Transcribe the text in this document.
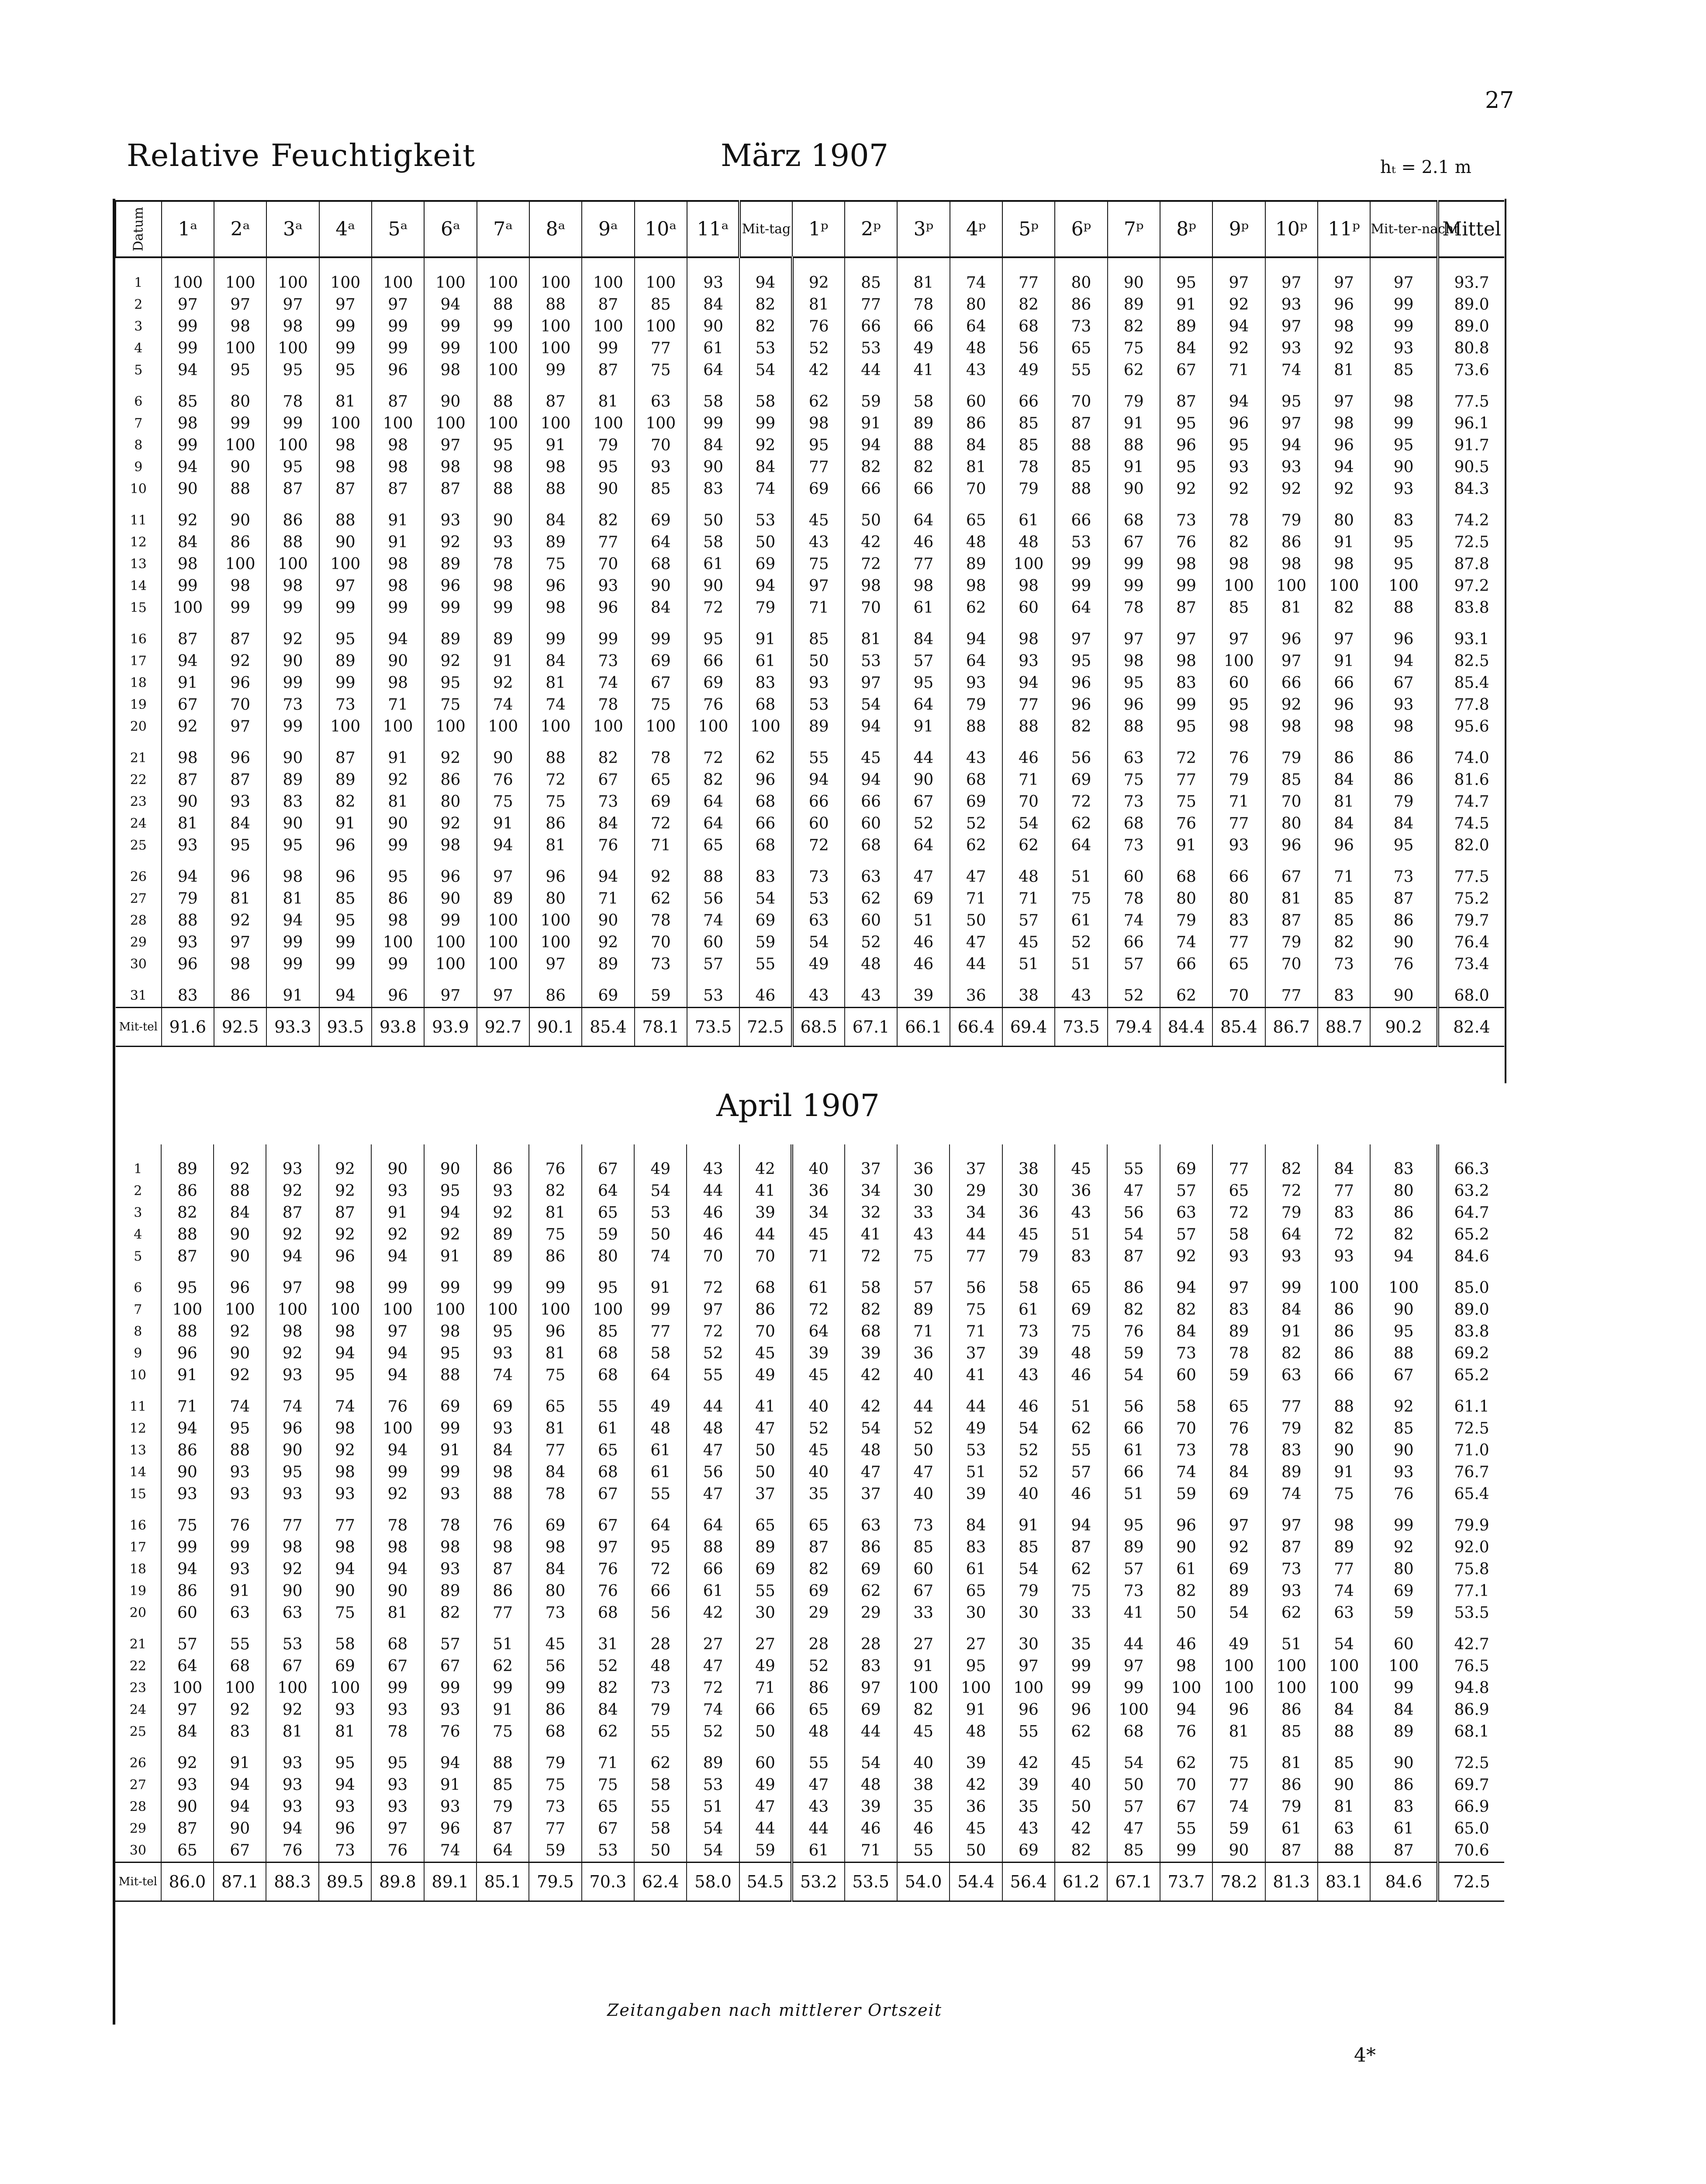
27
Relative Feuchtigkeit	März 1907	hₜ = 2.1 m
Datum	1ᵃ	2ᵃ	3ᵃ	4ᵃ	5ᵃ	6ᵃ	7ᵃ	8ᵃ	9ᵃ	10ᵃ	11ᵃ	Mit-tag	1ᵖ	2ᵖ	3ᵖ	4ᵖ	5ᵖ	6ᵖ	7ᵖ	8ᵖ	9ᵖ	10ᵖ	11ᵖ	Mit-ter-nacht	Mittel
1	100	100	100	100	100	100	100	100	100	100	93	94	92	85	81	74	77	80	90	95	97	97	97	97	93.7
2	97	97	97	97	97	94	88	88	87	85	84	82	81	77	78	80	82	86	89	91	92	93	96	99	89.0
3	99	98	98	99	99	99	99	100	100	100	90	82	76	66	66	64	68	73	82	89	94	97	98	99	89.0
4	99	100	100	99	99	99	100	100	99	77	61	53	52	53	49	48	56	65	75	84	92	93	92	93	80.8
5	94	95	95	95	96	98	100	99	87	75	64	54	42	44	41	43	49	55	62	67	71	74	81	85	73.6
6	85	80	78	81	87	90	88	87	81	63	58	58	62	59	58	60	66	70	79	87	94	95	97	98	77.5
7	98	99	99	100	100	100	100	100	100	100	99	99	98	91	89	86	85	87	91	95	96	97	98	99	96.1
8	99	100	100	98	98	97	95	91	79	70	84	92	95	94	88	84	85	88	88	96	95	94	96	95	91.7
9	94	90	95	98	98	98	98	98	95	93	90	84	77	82	82	81	78	85	91	95	93	93	94	90	90.5
10	90	88	87	87	87	87	88	88	90	85	83	74	69	66	66	70	79	88	90	92	92	92	92	93	84.3
11	92	90	86	88	91	93	90	84	82	69	50	53	45	50	64	65	61	66	68	73	78	79	80	83	74.2
12	84	86	88	90	91	92	93	89	77	64	58	50	43	42	46	48	48	53	67	76	82	86	91	95	72.5
13	98	100	100	100	98	89	78	75	70	68	61	69	75	72	77	89	100	99	99	98	98	98	98	95	87.8
14	99	98	98	97	98	96	98	96	93	90	90	94	97	98	98	98	98	99	99	99	100	100	100	100	97.2
15	100	99	99	99	99	99	99	98	96	84	72	79	71	70	61	62	60	64	78	87	85	81	82	88	83.8
16	87	87	92	95	94	89	89	99	99	99	95	91	85	81	84	94	98	97	97	97	97	96	97	96	93.1
17	94	92	90	89	90	92	91	84	73	69	66	61	50	53	57	64	93	95	98	98	100	97	91	94	82.5
18	91	96	99	99	98	95	92	81	74	67	69	83	93	97	95	93	94	96	95	83	60	66	66	67	85.4
19	67	70	73	73	71	75	74	74	78	75	76	68	53	54	64	79	77	96	96	99	95	92	96	93	77.8
20	92	97	99	100	100	100	100	100	100	100	100	100	89	94	91	88	88	82	88	95	98	98	98	98	95.6
21	98	96	90	87	91	92	90	88	82	78	72	62	55	45	44	43	46	56	63	72	76	79	86	86	74.0
22	87	87	89	89	92	86	76	72	67	65	82	96	94	94	90	68	71	69	75	77	79	85	84	86	81.6
23	90	93	83	82	81	80	75	75	73	69	64	68	66	66	67	69	70	72	73	75	71	70	81	79	74.7
24	81	84	90	91	90	92	91	86	84	72	64	66	60	60	52	52	54	62	68	76	77	80	84	84	74.5
25	93	95	95	96	99	98	94	81	76	71	65	68	72	68	64	62	62	64	73	91	93	96	96	95	82.0
26	94	96	98	96	95	96	97	96	94	92	88	83	73	63	47	47	48	51	60	68	66	67	71	73	77.5
27	79	81	81	85	86	90	89	80	71	62	56	54	53	62	69	71	71	75	78	80	80	81	85	87	75.2
28	88	92	94	95	98	99	100	100	90	78	74	69	63	60	51	50	57	61	74	79	83	87	85	86	79.7
29	93	97	99	99	100	100	100	100	92	70	60	59	54	52	46	47	45	52	66	74	77	79	82	90	76.4
30	96	98	99	99	99	100	100	97	89	73	57	55	49	48	46	44	51	51	57	66	65	70	73	76	73.4
31	83	86	91	94	96	97	97	86	69	59	53	46	43	43	39	36	38	43	52	62	70	77	83	90	68.0
Mit-tel	91.6	92.5	93.3	93.5	93.8	93.9	92.7	90.1	85.4	78.1	73.5	72.5	68.5	67.1	66.1	66.4	69.4	73.5	79.4	84.4	85.4	86.7	88.7	90.2	82.4
April 1907
1	89	92	93	92	90	90	86	76	67	49	43	42	40	37	36	37	38	45	55	69	77	82	84	83	66.3
2	86	88	92	92	93	95	93	82	64	54	44	41	36	34	30	29	30	36	47	57	65	72	77	80	63.2
3	82	84	87	87	91	94	92	81	65	53	46	39	34	32	33	34	36	43	56	63	72	79	83	86	64.7
4	88	90	92	92	92	92	89	75	59	50	46	44	45	41	43	44	45	51	54	57	58	64	72	82	65.2
5	87	90	94	96	94	91	89	86	80	74	70	70	71	72	75	77	79	83	87	92	93	93	93	94	84.6
6	95	96	97	98	99	99	99	99	95	91	72	68	61	58	57	56	58	65	86	94	97	99	100	100	85.0
7	100	100	100	100	100	100	100	100	100	99	97	86	72	82	89	75	61	69	82	82	83	84	86	90	89.0
8	88	92	98	98	97	98	95	96	85	77	72	70	64	68	71	71	73	75	76	84	89	91	86	95	83.8
9	96	90	92	94	94	95	93	81	68	58	52	45	39	39	36	37	39	48	59	73	78	82	86	88	69.2
10	91	92	93	95	94	88	74	75	68	64	55	49	45	42	40	41	43	46	54	60	59	63	66	67	65.2
11	71	74	74	74	76	69	69	65	55	49	44	41	40	42	44	44	46	51	56	58	65	77	88	92	61.1
12	94	95	96	98	100	99	93	81	61	48	48	47	52	54	52	49	54	62	66	70	76	79	82	85	72.5
13	86	88	90	92	94	91	84	77	65	61	47	50	45	48	50	53	52	55	61	73	78	83	90	90	71.0
14	90	93	95	98	99	99	98	84	68	61	56	50	40	47	47	51	52	57	66	74	84	89	91	93	76.7
15	93	93	93	93	92	93	88	78	67	55	47	37	35	37	40	39	40	46	51	59	69	74	75	76	65.4
16	75	76	77	77	78	78	76	69	67	64	64	65	65	63	73	84	91	94	95	96	97	97	98	99	79.9
17	99	99	98	98	98	98	98	98	97	95	88	89	87	86	85	83	85	87	89	90	92	87	89	92	92.0
18	94	93	92	94	94	93	87	84	76	72	66	69	82	69	60	61	54	62	57	61	69	73	77	80	75.8
19	86	91	90	90	90	89	86	80	76	66	61	55	69	62	67	65	79	75	73	82	89	93	74	69	77.1
20	60	63	63	75	81	82	77	73	68	56	42	30	29	29	33	30	30	33	41	50	54	62	63	59	53.5
21	57	55	53	58	68	57	51	45	31	28	27	27	28	28	27	27	30	35	44	46	49	51	54	60	42.7
22	64	68	67	69	67	67	62	56	52	48	47	49	52	83	91	95	97	99	97	98	100	100	100	100	76.5
23	100	100	100	100	99	99	99	99	82	73	72	71	86	97	100	100	100	99	99	100	100	100	100	99	94.8
24	97	92	92	93	93	93	91	86	84	79	74	66	65	69	82	91	96	96	100	94	96	86	84	84	86.9
25	84	83	81	81	78	76	75	68	62	55	52	50	48	44	45	48	55	62	68	76	81	85	88	89	68.1
26	92	91	93	95	95	94	88	79	71	62	89	60	55	54	40	39	42	45	54	62	75	81	85	90	72.5
27	93	94	93	94	93	91	85	75	75	58	53	49	47	48	38	42	39	40	50	70	77	86	90	86	69.7
28	90	94	93	93	93	93	79	73	65	55	51	47	43	39	35	36	35	50	57	67	74	79	81	83	66.9
29	87	90	94	96	97	96	87	77	67	58	54	44	44	46	46	45	43	42	47	55	59	61	63	61	65.0
30	65	67	76	73	76	74	64	59	53	50	54	59	61	71	55	50	69	82	85	99	90	87	88	87	70.6
Mit-tel	86.0	87.1	88.3	89.5	89.8	89.1	85.1	79.5	70.3	62.4	58.0	54.5	53.2	53.5	54.0	54.4	56.4	61.2	67.1	73.7	78.2	81.3	83.1	84.6	72.5
Zeitangaben nach mittlerer Ortszeit
4*
